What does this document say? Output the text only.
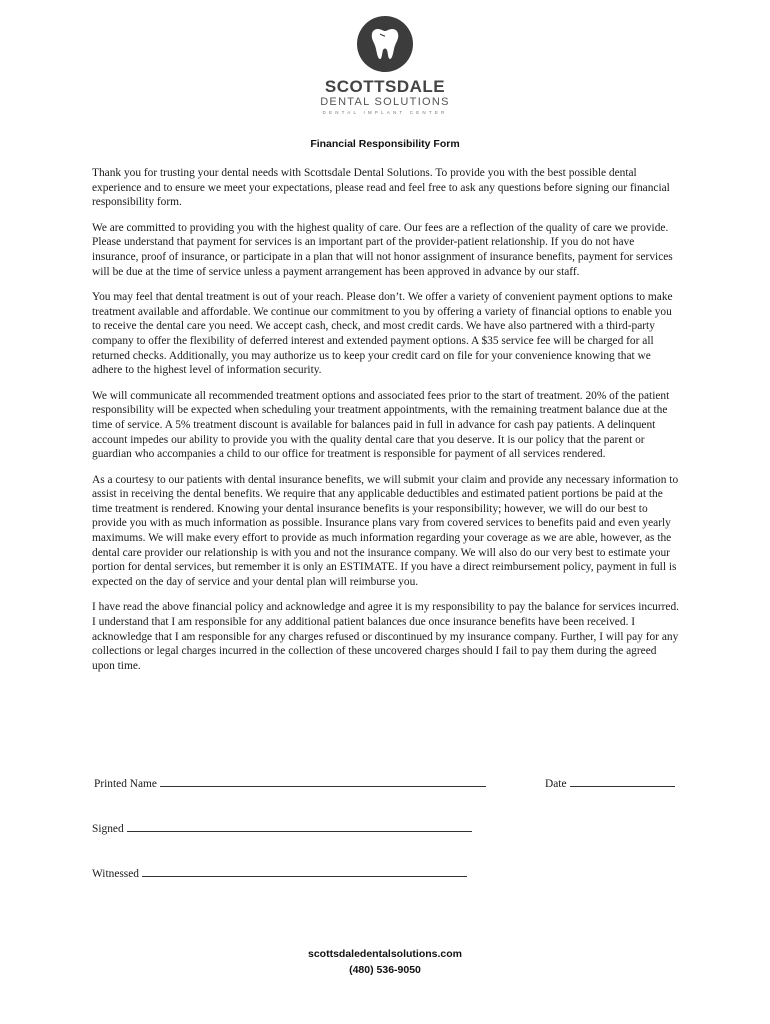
SCOTTSDALE
DENTAL SOLUTIONS
DENTAL IMPLANT CENTER
Financial Responsibility Form

Thank you for trusting your dental needs with Scottsdale Dental Solutions. To provide you with the best possible dental experience and to ensure we meet your expectations, please read and feel free to ask any questions before signing our financial responsibility form.

We are committed to providing you with the highest quality of care. Our fees are a reflection of the quality of care we provide. Please understand that payment for services is an important part of the provider-patient relationship. If you do not have insurance, proof of insurance, or participate in a plan that will not honor assignment of insurance benefits, payment for services will be due at the time of service unless a payment arrangement has been approved in advance by our staff.

You may feel that dental treatment is out of your reach. Please don’t. We offer a variety of convenient payment options to make treatment available and affordable. We continue our commitment to you by offering a variety of financial options to enable you to receive the dental care you need. We accept cash, check, and most credit cards. We have also partnered with a third-party company to offer the flexibility of deferred interest and extended payment options. A $35 service fee will be charged for all returned checks. Additionally, you may authorize us to keep your credit card on file for your convenience knowing that we adhere to the highest level of information security.

We will communicate all recommended treatment options and associated fees prior to the start of treatment. 20% of the patient responsibility will be expected when scheduling your treatment appointments, with the remaining treatment balance due at the time of service. A 5% treatment discount is available for balances paid in full in advance for cash pay patients. A delinquent account impedes our ability to provide you with the quality dental care that you deserve. It is our policy that the parent or guardian who accompanies a child to our office for treatment is responsible for payment of all services rendered.

As a courtesy to our patients with dental insurance benefits, we will submit your claim and provide any necessary information to assist in receiving the dental benefits. We require that any applicable deductibles and estimated patient portions be paid at the time treatment is rendered. Knowing your dental insurance benefits is your responsibility; however, we will do our best to provide you with as much information as possible. Insurance plans vary from covered services to benefits paid and even yearly maximums. We will make every effort to provide as much information regarding your coverage as we are able, however, as the dental care provider our relationship is with you and not the insurance company. We will also do our very best to estimate your portion for dental services, but remember it is only an ESTIMATE. If you have a direct reimbursement policy, payment in full is expected on the day of service and your dental plan will reimburse you.

I have read the above financial policy and acknowledge and agree it is my responsibility to pay the balance for services incurred. I understand that I am responsible for any additional patient balances due once insurance benefits have been received. I acknowledge that I am responsible for any charges refused or discontinued by my insurance company. Further, I will pay for any collections or legal charges incurred in the collection of these uncovered charges should I fail to pay them during the agreed upon time.

Printed Name	Date
Signed
Witnessed
scottsdaledentalsolutions.com
(480) 536-9050
